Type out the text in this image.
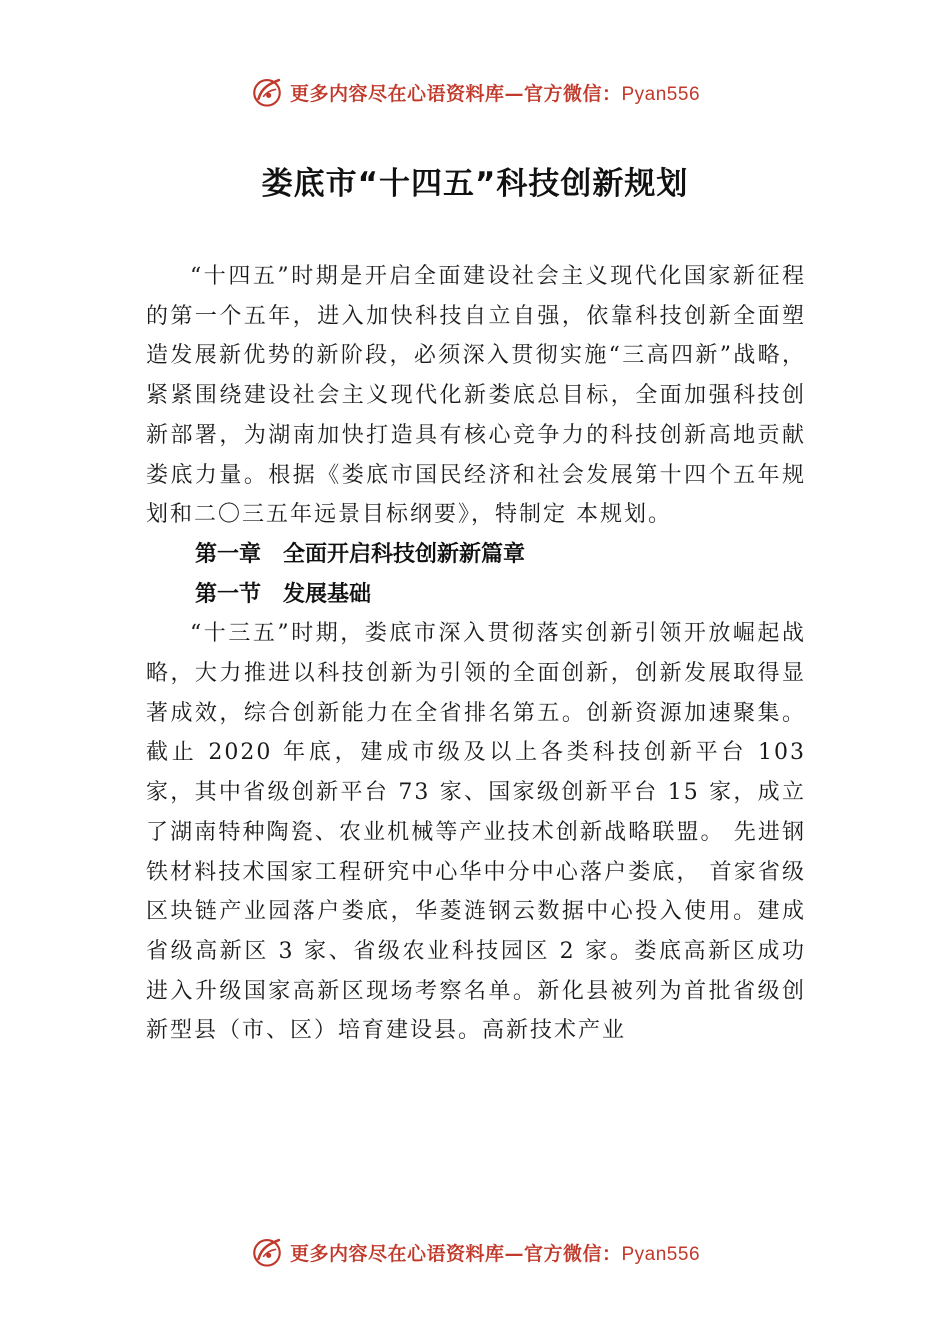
更多内容尽在心语资料库—官方微信：Pyan556
娄底市“十四五”科技创新规划

“十四五”时期是开启全面建设社会主义现代化国家新征程的第一个五年，进入加快科技自立自强，依靠科技创新全面塑造发展新优势的新阶段，必须深入贯彻实施“三高四新”战略，紧紧围绕建设社会主义现代化新娄底总目标，全面加强科技创新部署，为湖南加快打造具有核心竞争力的科技创新高地贡献娄底力量。根据《娄底市国民经济和社会发展第十四个五年规划和二〇三五年远景目标纲要》，特制定 本规划。

第一章　全面开启科技创新新篇章

第一节　发展基础

“十三五”时期，娄底市深入贯彻落实创新引领开放崛起战略，大力推进以科技创新为引领的全面创新，创新发展取得显著成效，综合创新能力在全省排名第五。创新资源加速聚集。截止 2020 年底，建成市级及以上各类科技创新平台 103 家，其中省级创新平台 73 家、国家级创新平台 15 家，成立了湖南特种陶瓷、农业机械等产业技术创新战略联盟。 先进钢铁材料技术国家工程研究中心华中分中心落户娄底， 首家省级区块链产业园落户娄底，华菱涟钢云数据中心投入使用。建成省级高新区 3 家、省级农业科技园区 2 家。娄底高新区成功进入升级国家高新区现场考察名单。新化县被列为首批省级创新型县（市、区）培育建设县。高新技术产业

更多内容尽在心语资料库—官方微信：Pyan556
